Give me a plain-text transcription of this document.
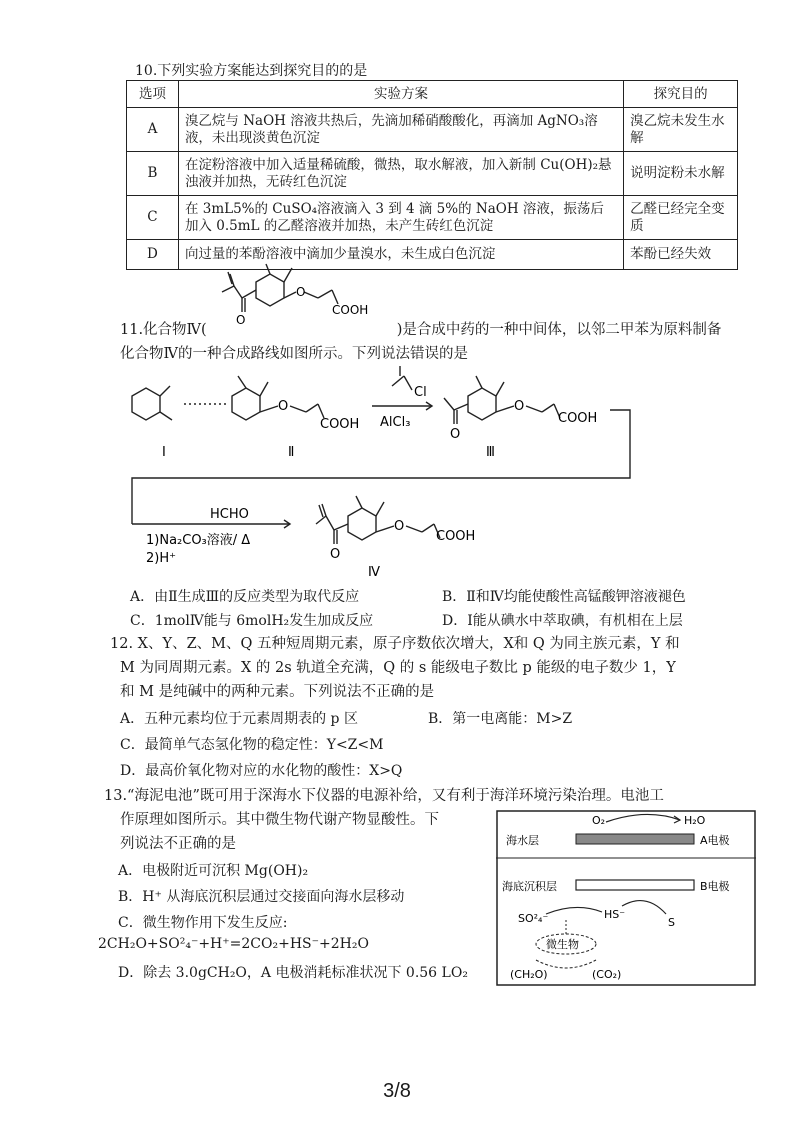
10.下列实验方案能达到探究目的的是
选项	实验方案	探究目的
A	溴乙烷与 NaOH 溶液共热后，先滴加稀硝酸酸化，再滴加 AgNO₃溶液，未出现淡黄色沉淀	溴乙烷未发生水解
B	在淀粉溶液中加入适量稀硫酸，微热，取水解液，加入新制 Cu(OH)₂悬浊液并加热，无砖红色沉淀	说明淀粉未水解
C	在 3mL5%的 CuSO₄溶液滴入 3 到 4 滴 5%的 NaOH 溶液，振荡后加入 0.5mL 的乙醛溶液并加热，未产生砖红色沉淀	乙醛已经完全变质
D	向过量的苯酚溶液中滴加少量溴水，未生成白色沉淀	苯酚已经失效
O
O
COOH
11.化合物Ⅳ(	)是合成中药的一种中间体，以邻二甲苯为原料制备
化合物Ⅳ的一种合成路线如图所示。下列说法错误的是
O
COOH
Cl
AlCl₃
O
O
COOH
HCHO
1)Na₂CO₃溶液/ Δ
2)H⁺
O
O
COOH
Ⅰ	Ⅱ	Ⅲ
Ⅳ
A．由Ⅱ生成Ⅲ的反应类型为取代反应	B．Ⅱ和Ⅳ均能使酸性高锰酸钾溶液褪色
C．1molⅣ能与 6molH₂发生加成反应	D．Ⅰ能从碘水中萃取碘，有机相在上层
12. X、Y、Z、M、Q 五种短周期元素，原子序数依次增大，X和 Q 为同主族元素，Y 和
M 为同周期元素。X 的 2s 轨道全充满，Q 的 s 能级电子数比 p 能级的电子数少 1，Y
和 M 是纯碱中的两种元素。下列说法不正确的是
A．五种元素均位于元素周期表的 p 区	B．第一电离能：M>Z
C．最简单气态氢化物的稳定性：Y<Z<M
D．最高价氧化物对应的水化物的酸性：X>Q
13.“海泥电池”既可用于深海水下仪器的电源补给，又有利于海洋环境污染治理。电池工
作原理如图所示。其中微生物代谢产物显酸性。下
列说法不正确的是
A．电极附近可沉积 Mg(OH)₂
B．H⁺ 从海底沉积层通过交接面向海水层移动
C．微生物作用下发生反应:
2CH₂O+SO²₄⁻+H⁺=2CO₂+HS⁻+2H₂O
D．除去 3.0gCH₂O，A 电极消耗标准状况下 0.56 LO₂
O₂	H₂O
海水层	A电极
海底沉积层	B电极
SO²₄⁻	HS⁻
S
微生物
(CH₂O)	(CO₂)
3/8
